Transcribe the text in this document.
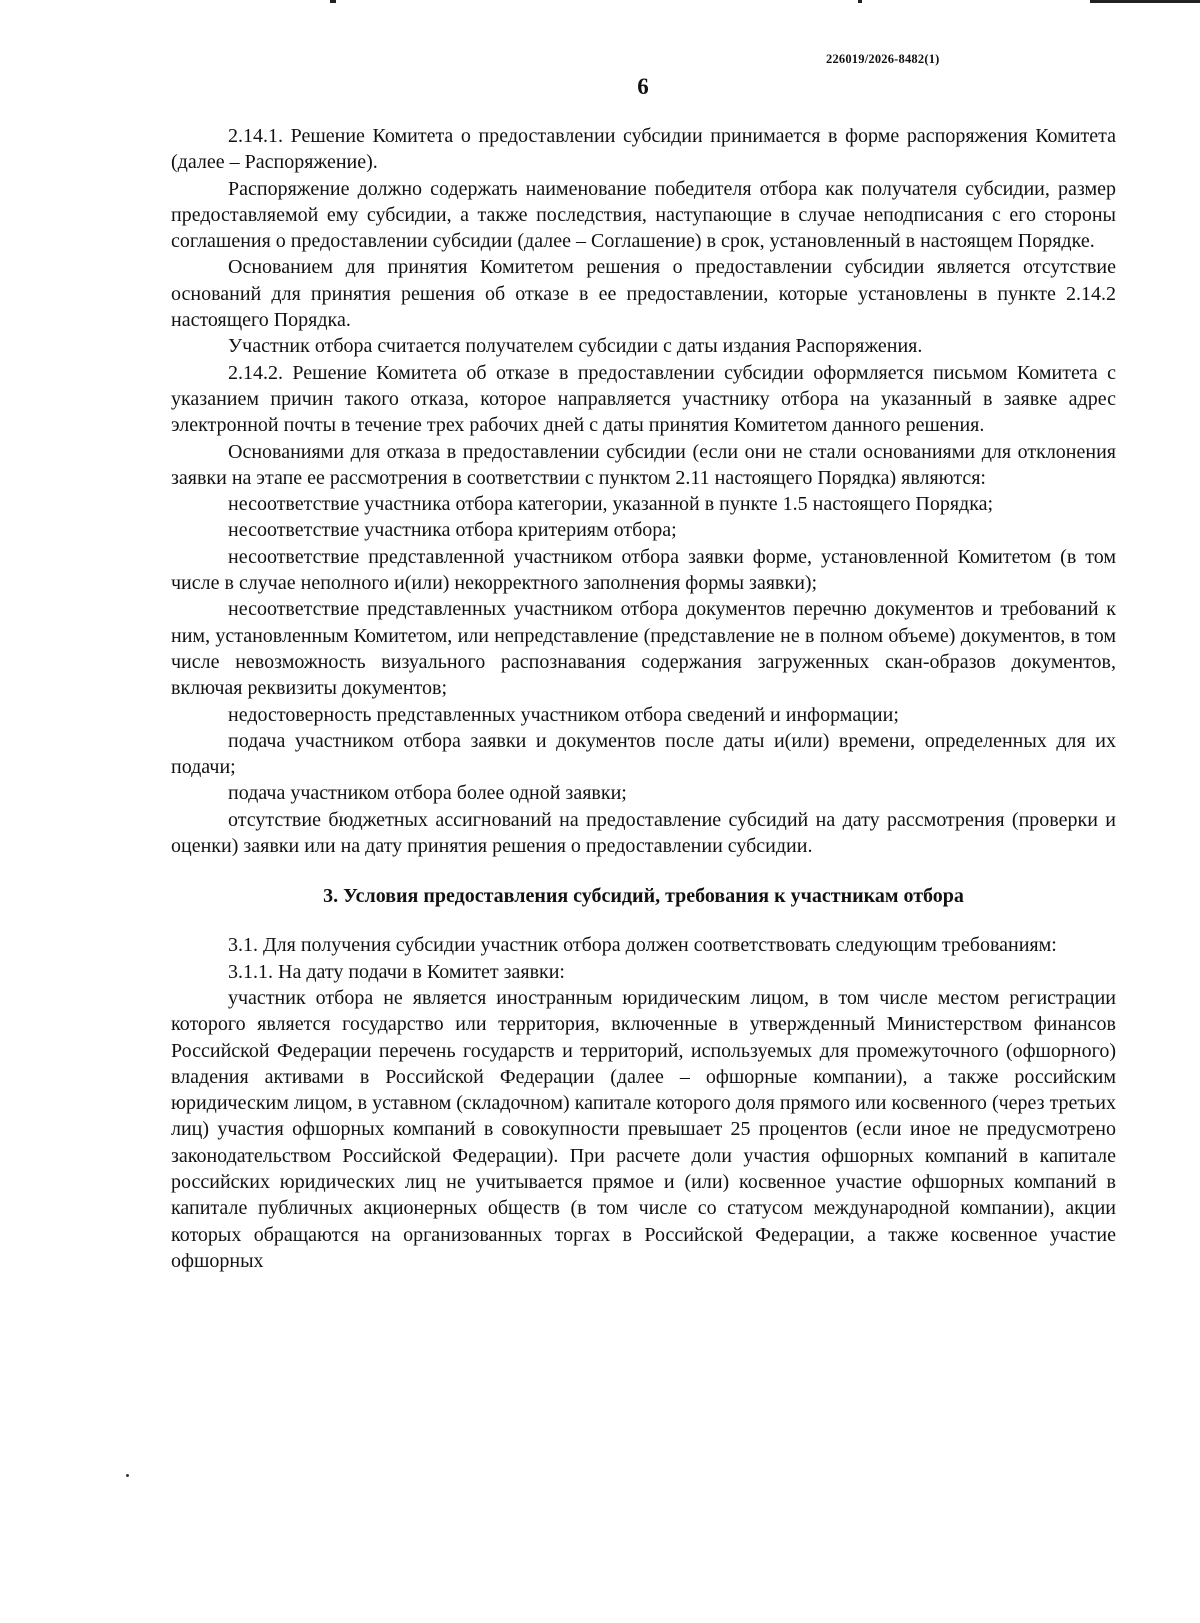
226019/2026-8482(1)
6

2.14.1. Решение Комитета о предоставлении субсидии принимается в форме распоряжения Комитета (далее – Распоряжение).

Распоряжение должно содержать наименование победителя отбора как получателя субсидии, размер предоставляемой ему субсидии, а также последствия, наступающие в случае неподписания с его стороны соглашения о предоставлении субсидии (далее – Соглашение) в срок, установленный в настоящем Порядке.

Основанием для принятия Комитетом решения о предоставлении субсидии является отсутствие оснований для принятия решения об отказе в ее предоставлении, которые установлены в пункте 2.14.2 настоящего Порядка.

Участник отбора считается получателем субсидии с даты издания Распоряжения.

2.14.2. Решение Комитета об отказе в предоставлении субсидии оформляется письмом Комитета с указанием причин такого отказа, которое направляется участнику отбора на указанный в заявке адрес электронной почты в течение трех рабочих дней с даты принятия Комитетом данного решения.

Основаниями для отказа в предоставлении субсидии (если они не стали основаниями для отклонения заявки на этапе ее рассмотрения в соответствии с пунктом 2.11 настоящего Порядка) являются:

несоответствие участника отбора категории, указанной в пункте 1.5 настоящего Порядка;

несоответствие участника отбора критериям отбора;

несоответствие представленной участником отбора заявки форме, установленной Комитетом (в том числе в случае неполного и(или) некорректного заполнения формы заявки);

несоответствие представленных участником отбора документов перечню документов и требований к ним, установленным Комитетом, или непредставление (представление не в полном объеме) документов, в том числе невозможность визуального распознавания содержания загруженных скан-образов документов, включая реквизиты документов;

недостоверность представленных участником отбора сведений и информации;

подача участником отбора заявки и документов после даты и(или) времени, определенных для их подачи;

подача участником отбора более одной заявки;

отсутствие бюджетных ассигнований на предоставление субсидий на дату рассмотрения (проверки и оценки) заявки или на дату принятия решения о предоставлении субсидии.

3. Условия предоставления субсидий, требования к участникам отбора

3.1. Для получения субсидии участник отбора должен соответствовать следующим требованиям:

3.1.1. На дату подачи в Комитет заявки:

участник отбора не является иностранным юридическим лицом, в том числе местом регистрации которого является государство или территория, включенные в утвержденный Министерством финансов Российской Федерации перечень государств и территорий, используемых для промежуточного (офшорного) владения активами в Российской Федерации (далее – офшорные компании), а также российским юридическим лицом, в уставном (складочном) капитале которого доля прямого или косвенного (через третьих лиц) участия офшорных компаний в совокупности превышает 25 процентов (если иное не предусмотрено законодательством Российской Федерации). При расчете доли участия офшорных компаний в капитале российских юридических лиц не учитывается прямое и (или) косвенное участие офшорных компаний в капитале публичных акционерных обществ (в том числе со статусом международной компании), акции которых обращаются на организованных торгах в Российской Федерации, а также косвенное участие офшорных
